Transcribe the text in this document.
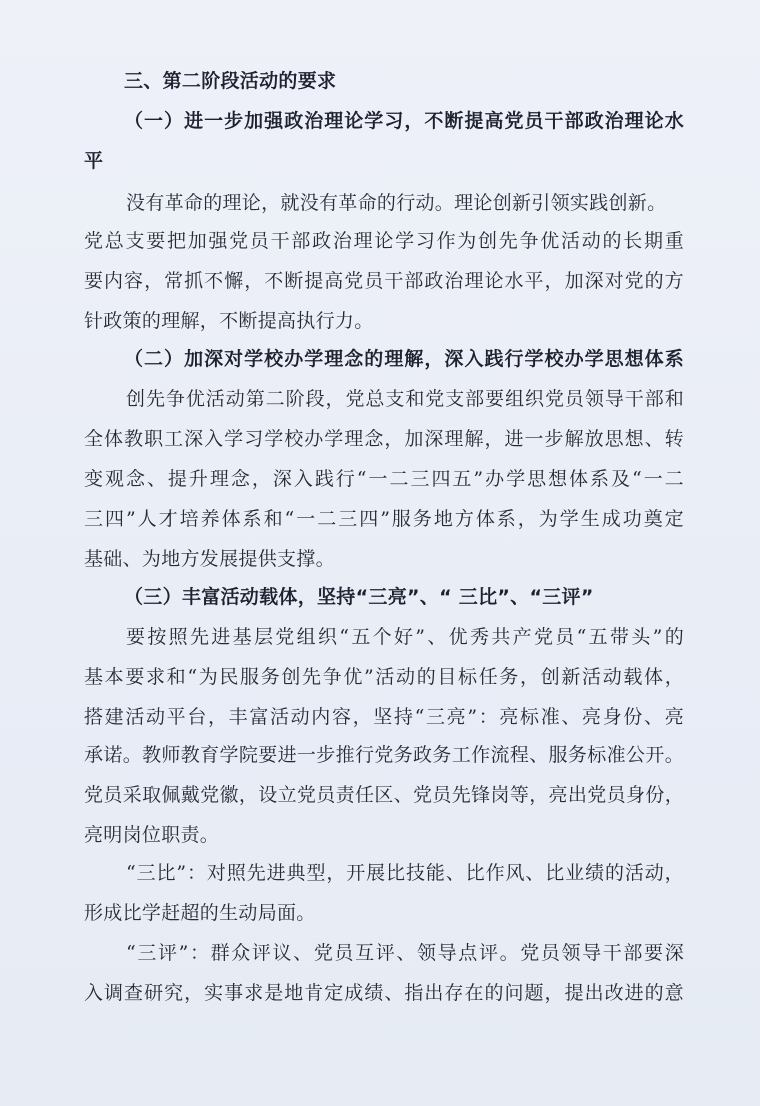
三、第二阶段活动的要求
（一）进一步加强政治理论学习，不断提高党员干部政治理论水
平
没有革命的理论，就没有革命的行动。理论创新引领实践创新。
党总支要把加强党员干部政治理论学习作为创先争优活动的长期重
要内容，常抓不懈，不断提高党员干部政治理论水平，加深对党的方
针政策的理解，不断提高执行力。
（二）加深对学校办学理念的理解，深入践行学校办学思想体系
创先争优活动第二阶段，党总支和党支部要组织党员领导干部和
全体教职工深入学习学校办学理念，加深理解，进一步解放思想、转
变观念、提升理念，深入践行“一二三四五”办学思想体系及“一二
三四”人才培养体系和“一二三四”服务地方体系，为学生成功奠定
基础、为地方发展提供支撑。
（三）丰富活动载体，坚持“三亮”、“ 三比”、“三评”
要按照先进基层党组织“五个好”、优秀共产党员“五带头”的
基本要求和“为民服务创先争优”活动的目标任务，创新活动载体，
搭建活动平台，丰富活动内容，坚持“三亮”：亮标准、亮身份、亮
承诺。教师教育学院要进一步推行党务政务工作流程、服务标准公开。
党员采取佩戴党徽，设立党员责任区、党员先锋岗等，亮出党员身份，
亮明岗位职责。
“三比”：对照先进典型，开展比技能、比作风、比业绩的活动，
形成比学赶超的生动局面。
“三评”：群众评议、党员互评、领导点评。党员领导干部要深
入调查研究，实事求是地肯定成绩、指出存在的问题，提出改进的意
